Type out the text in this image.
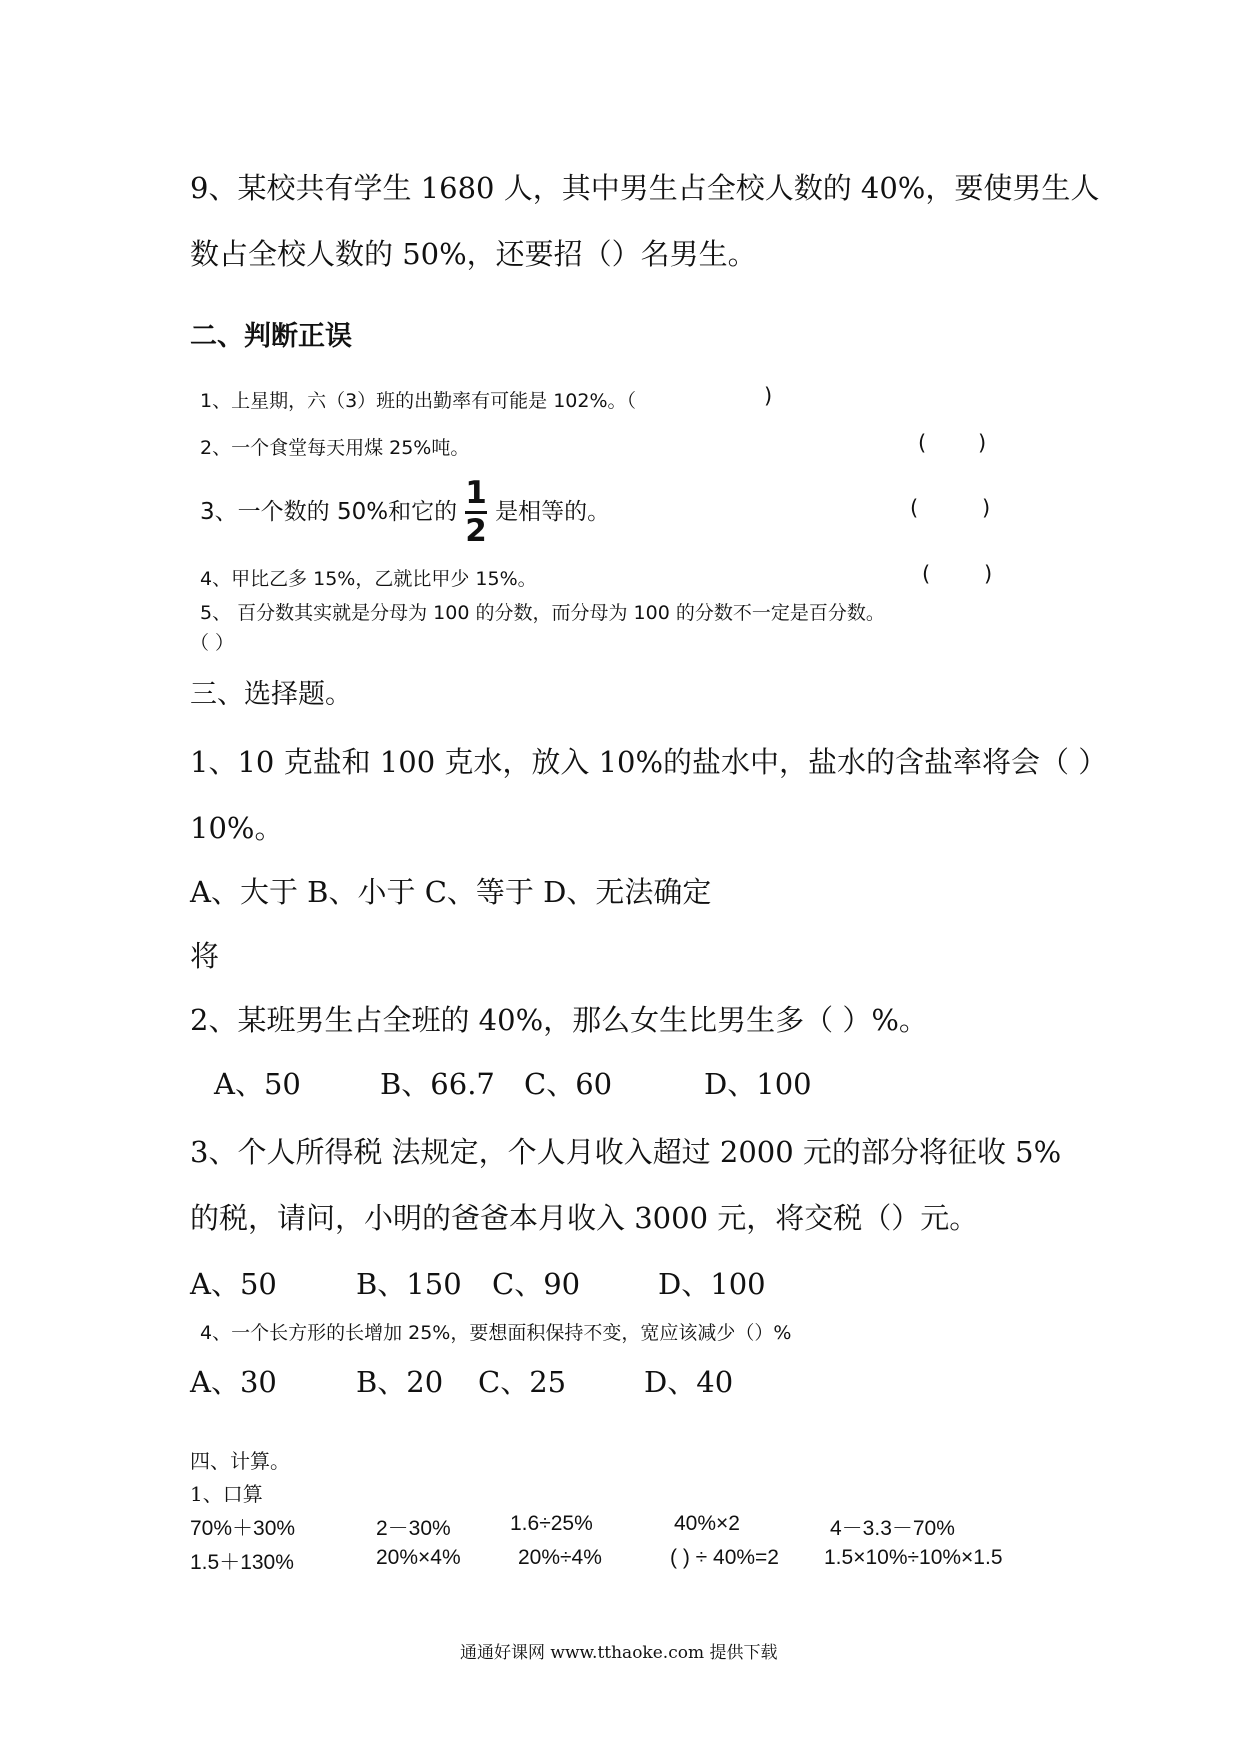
9、某校共有学生 1680 人，其中男生占全校人数的 40%，要使男生人
数占全校人数的 50%，还要招（）名男生。
二、判断正误
1、上星期，六（3）班的出勤率有可能是 102%。（	)
2、一个食堂每天用煤 25%吨。	( )
3、一个数的 50%和它的 $\frac{1}{2}$ 是相等的。	(	)
4、甲比乙多 15%，乙就比甲少 15%。	(	)
5、 百分数其实就是分母为 100 的分数，而分母为 100 的分数不一定是百分数。
（ ）
三、选择题。
1、10 克盐和 100 克水，放入 10%的盐水中，盐水的含盐率将会（ ）
10%。
A、大于 B、小于 C、等于 D、无法确定
将
2、某班男生占全班的 40%，那么女生比男生多（ ）%。
A、50	B、66.7 C、60	D、100
3、个人所得税 法规定，个人月收入超过 2000 元的部分将征收 5%
的税，请问，小明的爸爸本月收入 3000 元，将交税（）元。
A、50	B、150 C、90	D、100
4、一个长方形的长增加 25%，要想面积保持不变，宽应该减少（）%
A、30	B、20 C、25	D、40
四、计算。
1、口算
70%＋30%	2－30%	1.6÷25%	40%×2	4－3.3－70%
1.5＋130%	20%×4%	20%÷4%	( ) ÷ 40%=2 1.5×10%÷10%×1.5
通通好课网 www.tthaoke.com 提供下载
